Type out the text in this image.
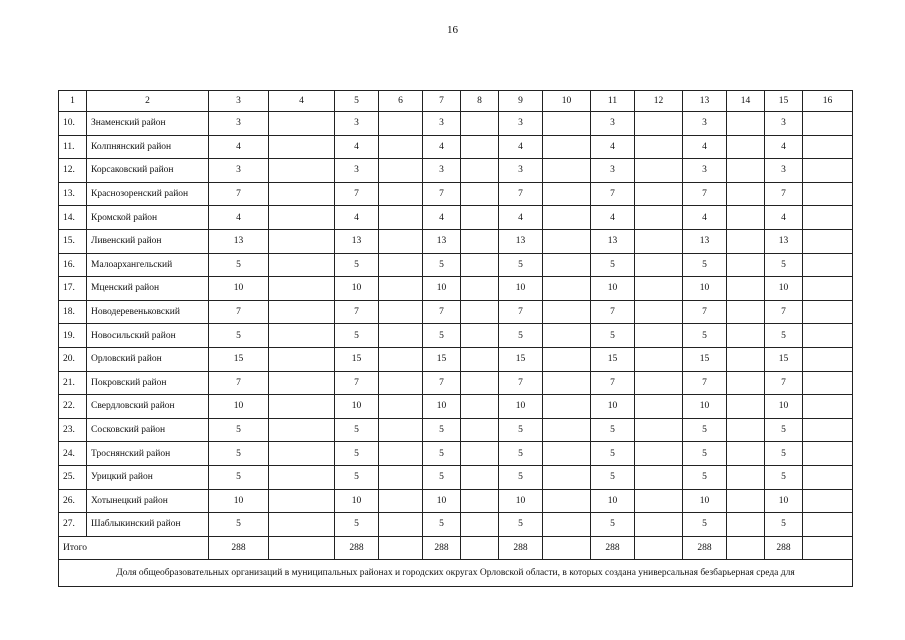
16
1	2	3	4	5	6	7	8	9	10	11	12	13	14	15	16
10.	Знаменский район	3		3		3		3		3		3		3	
11.	Колпнянский район	4		4		4		4		4		4		4	
12.	Корсаковский район	3		3		3		3		3		3		3	
13.	Краснозоренский район	7		7		7		7		7		7		7	
14.	Кромской район	4		4		4		4		4		4		4	
15.	Ливенский район	13		13		13		13		13		13		13	
16.	Малоархангельский	5		5		5		5		5		5		5	
17.	Мценский район	10		10		10		10		10		10		10	
18.	Новодеревеньковский	7		7		7		7		7		7		7	
19.	Новосильский район	5		5		5		5		5		5		5	
20.	Орловский район	15		15		15		15		15		15		15	
21.	Покровский район	7		7		7		7		7		7		7	
22.	Свердловский район	10		10		10		10		10		10		10	
23.	Сосковский район	5		5		5		5		5		5		5	
24.	Троснянский район	5		5		5		5		5		5		5	
25.	Урицкий район	5		5		5		5		5		5		5	
26.	Хотынецкий район	10		10		10		10		10		10		10	
27.	Шаблыкинский район	5		5		5		5		5		5		5	
Итого		288		288		288		288		288		288		288	
Доля общеобразовательных организаций в муниципальных районах и городских округах Орловской области, в которых создана универсальная безбарьерная среда для															
